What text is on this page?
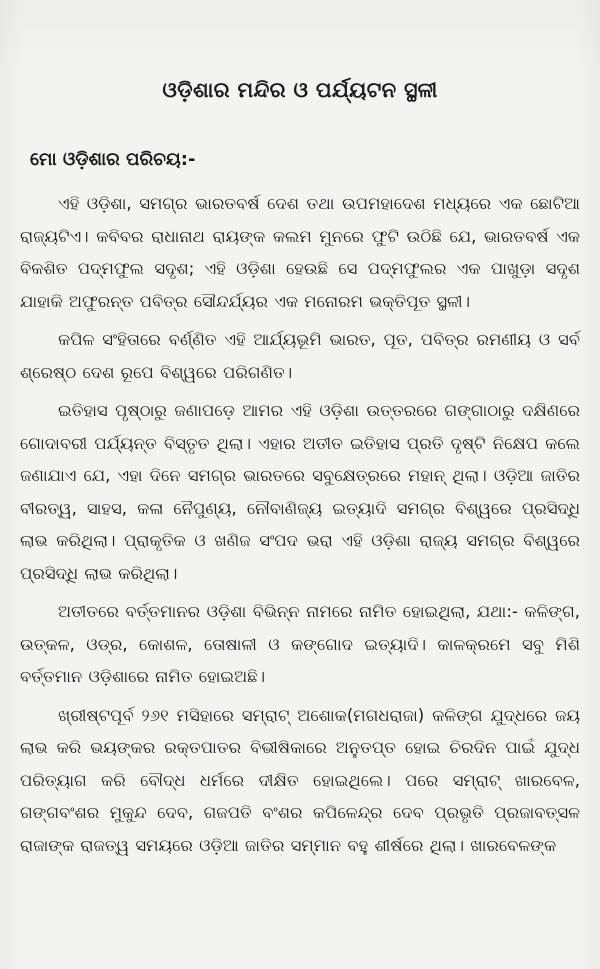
ଓଡ଼ିଶାର ମନ୍ଦିର ଓ ପର୍ଯ୍ୟଟନ ସ୍ଥଳୀ
ମୋ ଓଡ଼ିଶାର ପରିଚୟ:-

ଏହି ଓଡ଼ିଶା, ସମଗ୍ର ଭାରତବର୍ଷ ଦେଶ ତଥା ଉପମହାଦେଶ ମଧ୍ୟରେ ଏକ ଛୋଟିଆ ରାଜ୍ୟଟିଏ। କବିବର ରାଧାନାଥ ରାୟଙ୍କ କଲମ ମୁନରେ ଫୁଟି ଉଠିଛି ଯେ, ଭାରତବର୍ଷ ଏକ ବିକଶିତ ପଦ୍ମଫୁଲ ସଦୃଶ; ଏହି ଓଡ଼ିଶା ହେଉଛି ସେ ପଦ୍ମଫୁଲର ଏକ ପାଖୁଡ଼ା ସଦୃଶ ଯାହାକି ଅଫୁରନ୍ତ ପବିତ୍ର ସୌନ୍ଦର୍ଯ୍ୟର ଏକ ମନୋରମ ଭକ୍ତିପୂତ ସ୍ଥଳୀ।

କପିଳ ସଂହିତାରେ ବର୍ଣ୍ଣିତ ଏହି ଆର୍ଯ୍ୟଭୂମି ଭାରତ, ପୂତ, ପବିତ୍ର ରମଣୀୟ ଓ ସର୍ବ ଶ୍ରେଷ୍ଠ ଦେଶ ରୂପେ ବିଶ୍ୱରେ ପରିଗଣିତ।

ଇତିହାସ ପୃଷ୍ଠାରୁ ଜଣାପଡ଼େ ଆମର ଏହି ଓଡ଼ିଶା ଉତ୍ତରରେ ଗଙ୍ଗାଠାରୁ ଦକ୍ଷିଣରେ ଗୋଦାବରୀ ପର୍ଯ୍ୟନ୍ତ ବିସ୍ତୃତ ଥିଲା। ଏହାର ଅତୀତ ଇତିହାସ ପ୍ରତି ଦୃଷ୍ଟି ନିକ୍ଷେପ କଲେ ଜଣାଯାଏ ଯେ, ଏହା ଦିନେ ସମଗ୍ର ଭାରତରେ ସବୁକ୍ଷେତ୍ରରେ ମହାନ୍ ଥିଲା। ଓଡ଼ିଆ ଜାତିର ବୀରତ୍ୱ, ସାହସ, କଳା ନୈପୁଣ୍ୟ, ନୌବାଣିଜ୍ୟ ଇତ୍ୟାଦି ସମଗ୍ର ବିଶ୍ୱରେ ପ୍ରସିଦ୍ଧି ଲାଭ କରିଥିଲା। ପ୍ରାକୃତିକ ଓ ଖଣିଜ ସଂପଦ ଭରା ଏହି ଓଡ଼ିଶା ରାଜ୍ୟ ସମଗ୍ର ବିଶ୍ୱରେ ପ୍ରସିଦ୍ଧି ଲାଭ କରିଥିଲା।

ଅତୀତରେ ବର୍ତ୍ତମାନର ଓଡ଼ିଶା ବିଭିନ୍ନ ନାମରେ ନାମିତ ହୋଇଥିଲା, ଯଥା:- କଳିଙ୍ଗ, ଉତ୍କଳ, ଓଡ୍ର, କୋଶଳ, ତୋଷାଳୀ ଓ କଙ୍ଗୋଦ ଇତ୍ୟାଦି। କାଳକ୍ରମେ ସବୁ ମିଶି ବର୍ତ୍ତମାନ ଓଡ଼ିଶାରେ ନାମିତ ହୋଇଅଛି।

ଖ୍ରୀଷ୍ଟପୂର୍ବ ୨୬୧ ମସିହାରେ ସମ୍ରାଟ୍ ଅଶୋକ(ମଗଧରାଜା) କଳିଙ୍ଗ ଯୁଦ୍ଧରେ ଜୟ ଲାଭ କରି ଭୟଙ୍କର ରକ୍ତପାତର ବିଭୀଷିକାରେ ଅନୁତପ୍ତ ହୋଇ ଚିରଦିନ ପାଇଁ ଯୁଦ୍ଧ ପରିତ୍ୟାଗ କରି ବୌଦ୍ଧ ଧର୍ମରେ ଦୀକ୍ଷିତ ହୋଇଥିଲେ। ପରେ ସମ୍ରାଟ୍ ଖାରବେଳ, ଗଙ୍ଗବଂଶର ମୁକୁନ୍ଦ ଦେବ, ଗଜପତି ବଂଶର କପିଳେନ୍ଦ୍ର ଦେବ ପ୍ରଭୃତି ପ୍ରଜାବତ୍ସଳ ରାଜାଙ୍କ ରାଜତ୍ୱ ସମୟରେ ଓଡ଼ିଆ ଜାତିର ସମ୍ମାନ ବହୁ ଶୀର୍ଷରେ ଥିଲା। ଖାରବେଳଙ୍କ
